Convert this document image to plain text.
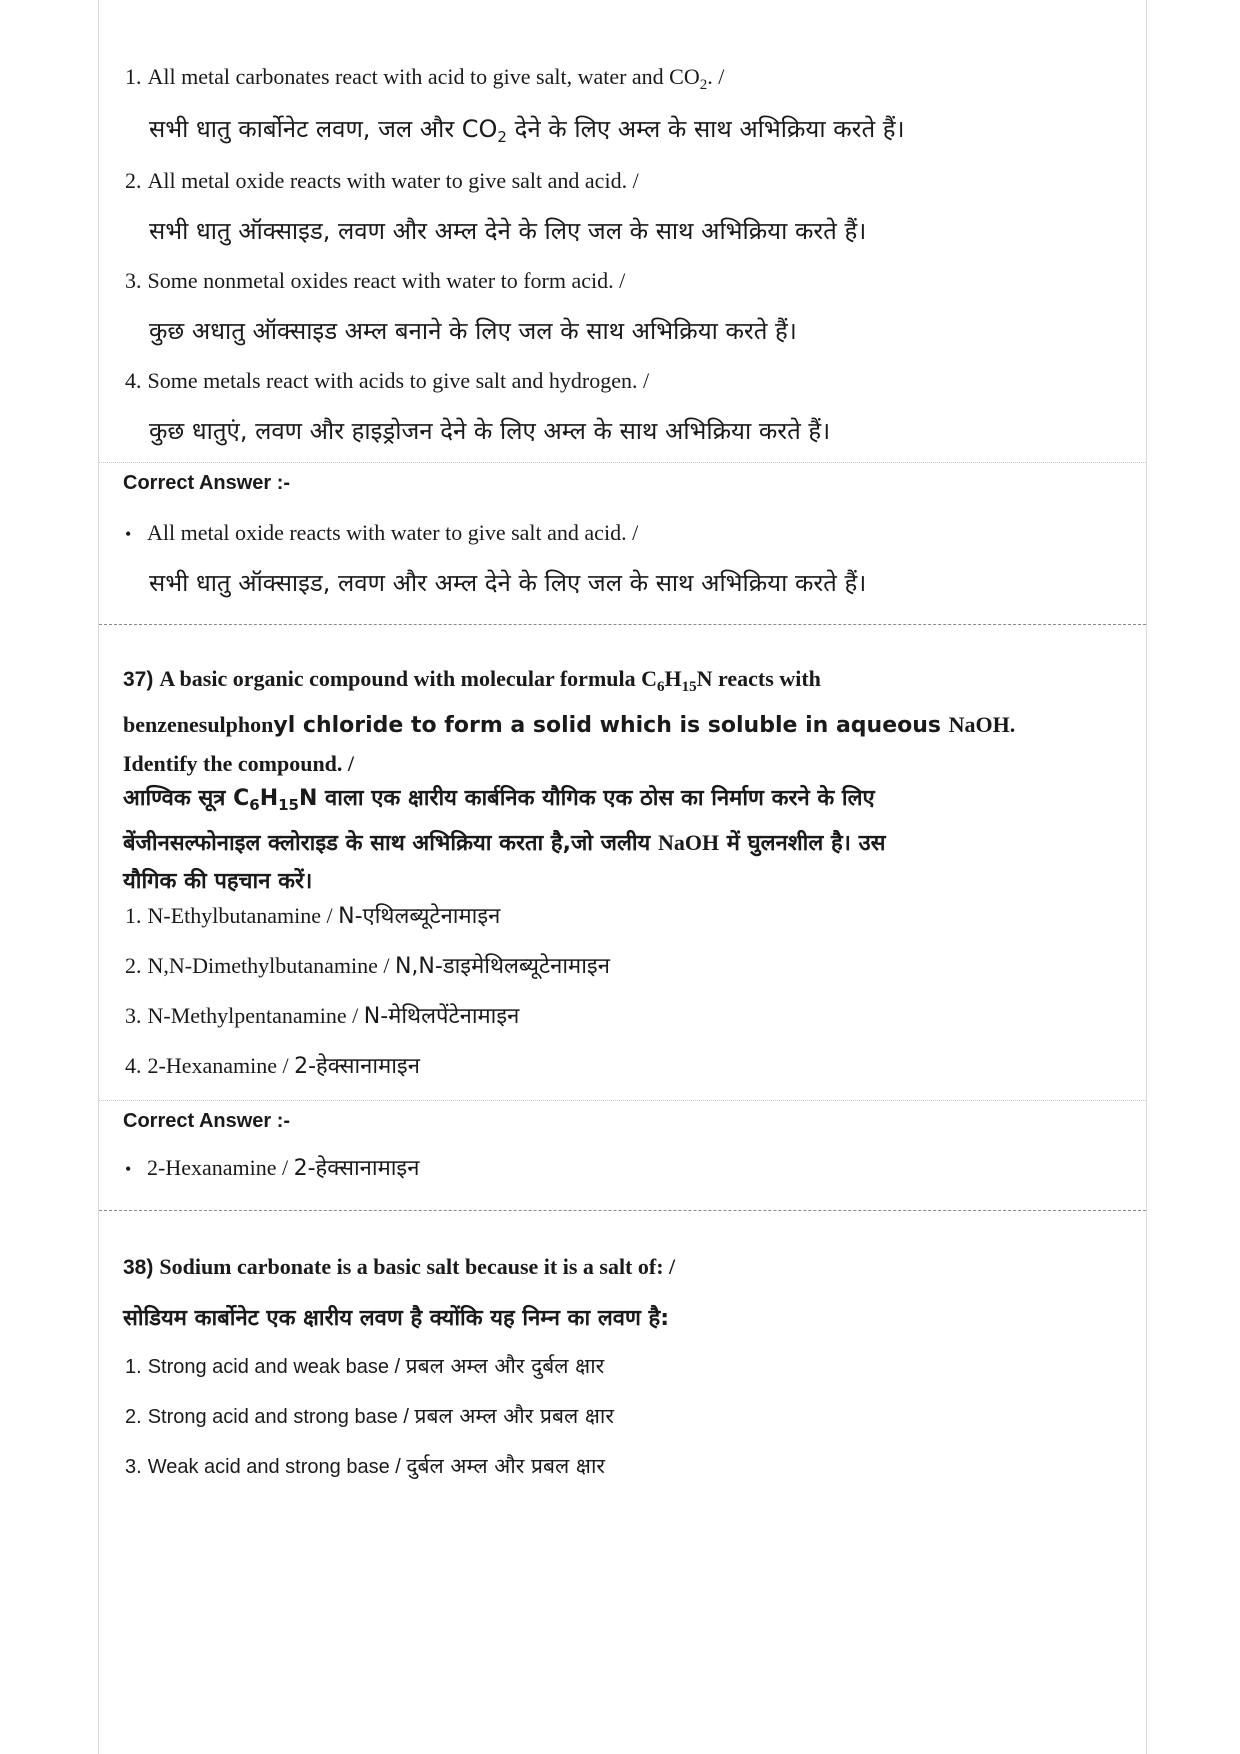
1. All metal carbonates react with acid to give salt, water and $CO_2$. /
सभी धातु कार्बोनेट लवण, जल और $CO_2$ देने के लिए अम्ल के साथ अभिक्रिया करते हैं।
2. All metal oxide reacts with water to give salt and acid. /
सभी धातु ऑक्साइड, लवण और अम्ल देने के लिए जल के साथ अभिक्रिया करते हैं।
3. Some nonmetal oxides react with water to form acid. /
कुछ अधातु ऑक्साइड अम्ल बनाने के लिए जल के साथ अभिक्रिया करते हैं।
4. Some metals react with acids to give salt and hydrogen. /
कुछ धातुएं, लवण और हाइड्रोजन देने के लिए अम्ल के साथ अभिक्रिया करते हैं।
Correct Answer :-
• All metal oxide reacts with water to give salt and acid. /
सभी धातु ऑक्साइड, लवण और अम्ल देने के लिए जल के साथ अभिक्रिया करते हैं।
37) A basic organic compound with molecular formula $C_6H_{15}N$ reacts with
benzenesulphonyl chloride to form a solid which is soluble in aqueous NaOH.
Identify the compound. /
आण्विक सूत्र $C_6H_{15}N$ वाला एक क्षारीय कार्बनिक यौगिक एक ठोस का निर्माण करने के लिए
बेंजीनसल्फोनाइल क्लोराइड के साथ अभिक्रिया करता है,जो जलीय NaOH में घुलनशील है। उस
यौगिक की पहचान करें।
1. N-Ethylbutanamine / N-एथिलब्यूटेनामाइन
2. N,N-Dimethylbutanamine / N,N-डाइमेथिलब्यूटेनामाइन
3. N-Methylpentanamine / N-मेथिलपेंटेनामाइन
4. 2-Hexanamine / 2-हेक्सानामाइन
Correct Answer :-
• 2-Hexanamine / 2-हेक्सानामाइन
38) Sodium carbonate is a basic salt because it is a salt of: /
सोडियम कार्बोनेट एक क्षारीय लवण है क्योंकि यह निम्न का लवण है:
1. Strong acid and weak base / प्रबल अम्ल और दुर्बल क्षार
2. Strong acid and strong base / प्रबल अम्ल और प्रबल क्षार
3. Weak acid and strong base / दुर्बल अम्ल और प्रबल क्षार
